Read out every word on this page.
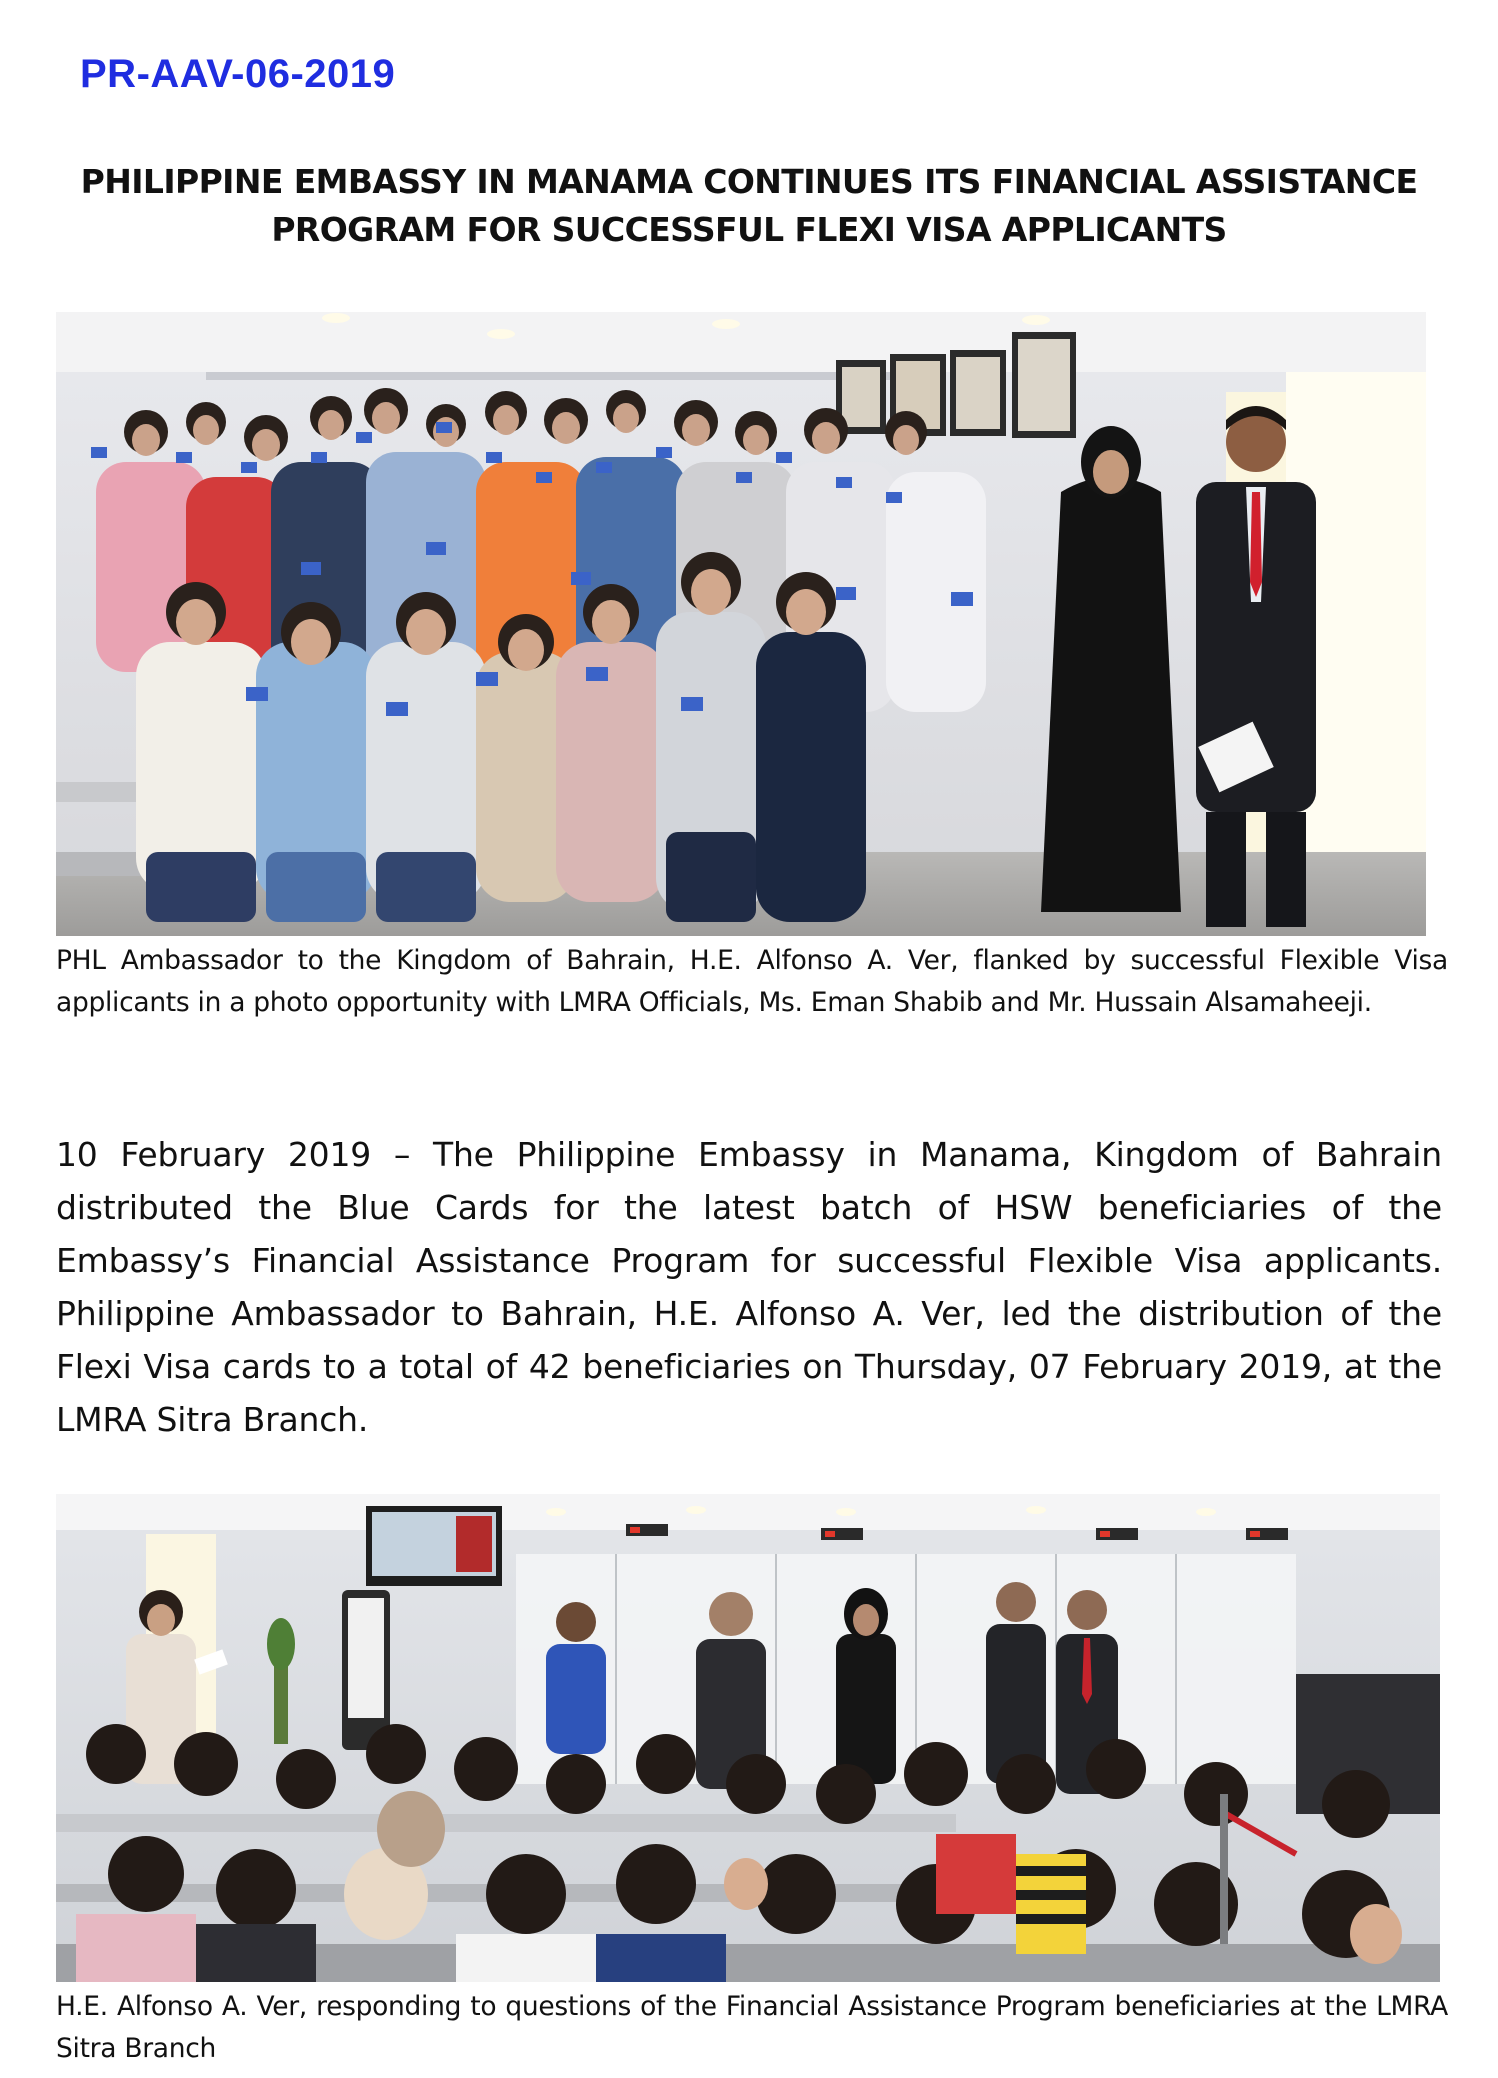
PR-AAV-06-2019
PHILIPPINE EMBASSY IN MANAMA CONTINUES ITS FINANCIAL ASSISTANCE
PROGRAM FOR SUCCESSFUL FLEXI VISA APPLICANTS
PHL Ambassador to the Kingdom of Bahrain, H.E. Alfonso A. Ver, flanked by successful Flexible Visa applicants in a photo opportunity with LMRA Officials, Ms. Eman Shabib and Mr. Hussain Alsamaheeji.
10 February 2019 – The Philippine Embassy in Manama, Kingdom of Bahrain distributed the Blue Cards for the latest batch of HSW beneficiaries of the Embassy’s Financial Assistance Program for successful Flexible Visa applicants. Philippine Ambassador to Bahrain, H.E. Alfonso A. Ver, led the distribution of the Flexi Visa cards to a total of 42 beneficiaries on Thursday, 07 February 2019, at the LMRA Sitra Branch.
H.E. Alfonso A. Ver, responding to questions of the Financial Assistance Program beneficiaries at the LMRA Sitra Branch
